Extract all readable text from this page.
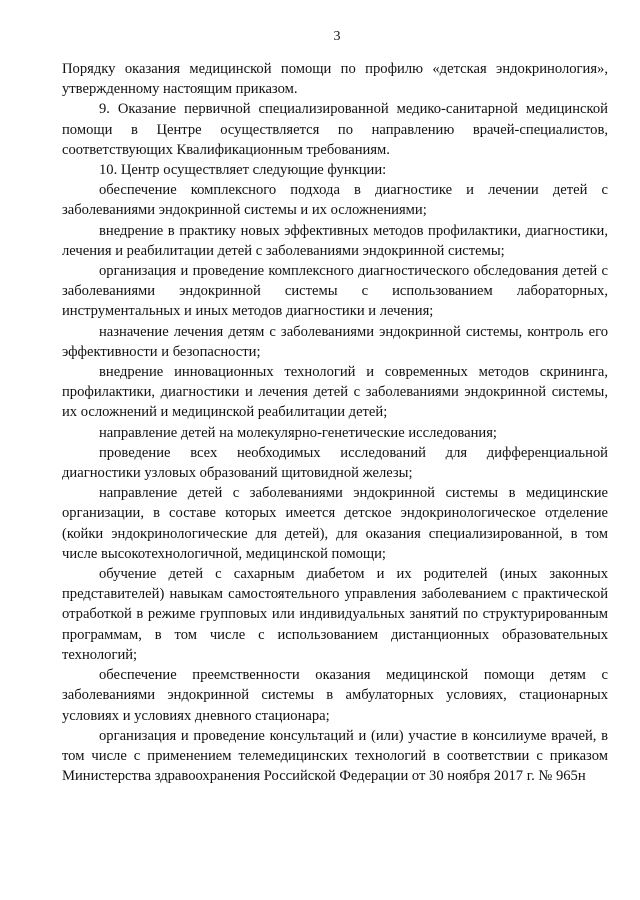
3

Порядку оказания медицинской помощи по профилю «детская эндокринология», утвержденному настоящим приказом.

9. Оказание первичной специализированной медико-санитарной медицинской помощи в Центре осуществляется по направлению врачей-специалистов, соответствующих Квалификационным требованиям.

10. Центр осуществляет следующие функции:

обеспечение комплексного подхода в диагностике и лечении детей с заболеваниями эндокринной системы и их осложнениями;

внедрение в практику новых эффективных методов профилактики, диагностики, лечения и реабилитации детей с заболеваниями эндокринной системы;

организация и проведение комплексного диагностического обследования детей с заболеваниями эндокринной системы с использованием лабораторных, инструментальных и иных методов диагностики и лечения;

назначение лечения детям с заболеваниями эндокринной системы, контроль его эффективности и безопасности;

внедрение инновационных технологий и современных методов скрининга, профилактики, диагностики и лечения детей с заболеваниями эндокринной системы, их осложнений и медицинской реабилитации детей;

направление детей на молекулярно-генетические исследования;

проведение всех необходимых исследований для дифференциальной диагностики узловых образований щитовидной железы;

направление детей с заболеваниями эндокринной системы в медицинские организации, в составе которых имеется детское эндокринологическое отделение (койки эндокринологические для детей), для оказания специализированной, в том числе высокотехнологичной, медицинской помощи;

обучение детей с сахарным диабетом и их родителей (иных законных представителей) навыкам самостоятельного управления заболеванием с практической отработкой в режиме групповых или индивидуальных занятий по структурированным программам, в том числе с использованием дистанционных образовательных технологий;

обеспечение преемственности оказания медицинской помощи детям с заболеваниями эндокринной системы в амбулаторных условиях, стационарных условиях и условиях дневного стационара;

организация и проведение консультаций и (или) участие в консилиуме врачей, в том числе с применением телемедицинских технологий в соответствии с приказом Министерства здравоохранения Российской Федерации от 30 ноября 2017 г. № 965н
